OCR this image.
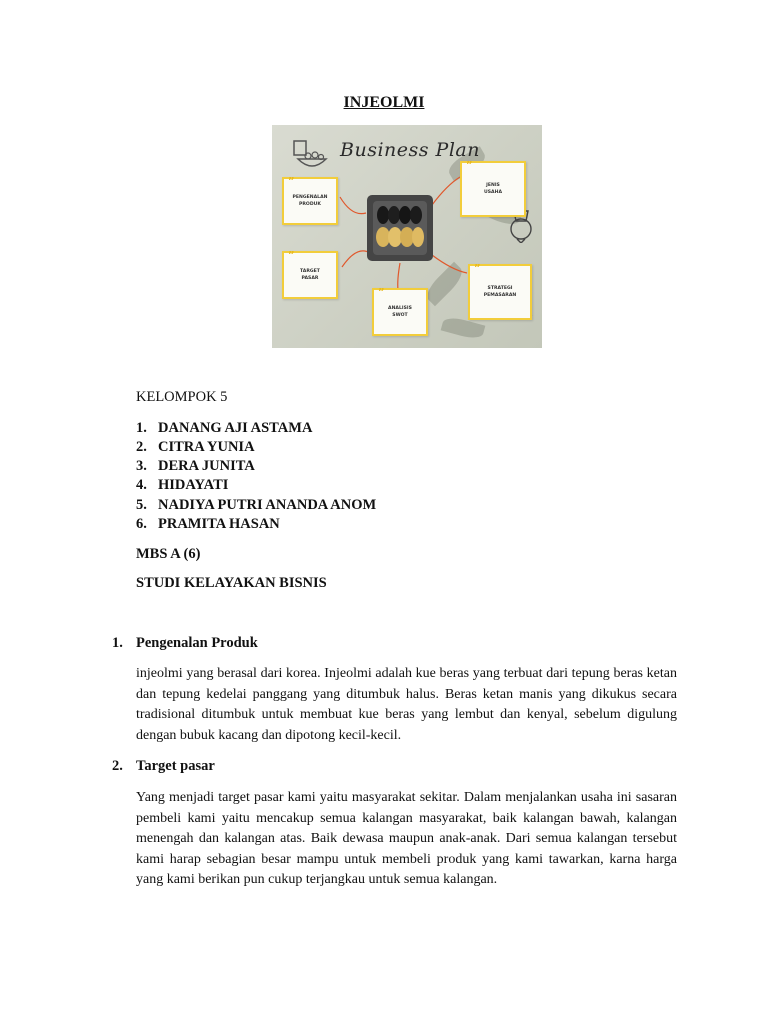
INJEOLMI
Business Plan
”
PENGENALAN PRODUK
”
JENIS USAHA
”
TARGET PASAR
”
ANALISIS SWOT
”
STRATEGI PEMASARAN
KELOMPOK 5
1. DANANG AJI ASTAMA
2. CITRA YUNIA
3. DERA JUNITA
4. HIDAYATI
5. NADIYA PUTRI ANANDA ANOM
6. PRAMITA HASAN
MBS A (6)
STUDI KELAYAKAN BISNIS
1. Pengenalan Produk
injeolmi yang berasal dari korea. Injeolmi adalah kue beras yang terbuat dari tepung beras ketan dan tepung kedelai panggang yang ditumbuk halus. Beras ketan manis yang dikukus secara tradisional ditumbuk untuk membuat kue beras yang lembut dan kenyal, sebelum digulung dengan bubuk kacang dan dipotong kecil-kecil.
2. Target pasar
Yang menjadi target pasar kami yaitu masyarakat sekitar. Dalam menjalankan usaha ini sasaran pembeli kami yaitu mencakup semua kalangan masyarakat, baik kalangan bawah, kalangan menengah dan kalangan atas. Baik dewasa maupun anak-anak. Dari semua kalangan tersebut kami harap sebagian besar mampu untuk membeli produk yang kami tawarkan, karna harga yang kami berikan pun cukup terjangkau untuk semua kalangan.
